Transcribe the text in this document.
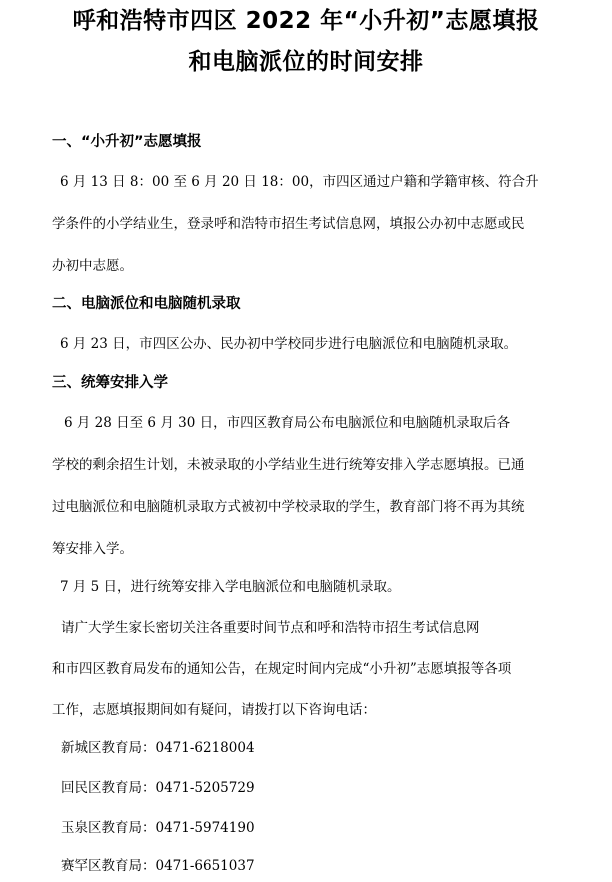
呼和浩特市四区 2022 年“小升初”志愿填报
和电脑派位的时间安排
一、“小升初”志愿填报
6 月 13 日 8：00 至 6 月 20 日 18：00，市四区通过户籍和学籍审核、符合升
学条件的小学结业生，登录呼和浩特市招生考试信息网，填报公办初中志愿或民
办初中志愿。
二、电脑派位和电脑随机录取
6 月 23 日，市四区公办、民办初中学校同步进行电脑派位和电脑随机录取。
三、统筹安排入学
6 月 28 日至 6 月 30 日，市四区教育局公布电脑派位和电脑随机录取后各
学校的剩余招生计划，未被录取的小学结业生进行统筹安排入学志愿填报。已通
过电脑派位和电脑随机录取方式被初中学校录取的学生，教育部门将不再为其统
筹安排入学。
7 月 5 日，进行统筹安排入学电脑派位和电脑随机录取。
请广大学生家长密切关注各重要时间节点和呼和浩特市招生考试信息网
和市四区教育局发布的通知公告，在规定时间内完成“小升初”志愿填报等各项
工作，志愿填报期间如有疑问，请拨打以下咨询电话：
新城区教育局：0471-6218004
回民区教育局：0471-5205729
玉泉区教育局：0471-5974190
赛罕区教育局：0471-6651037
